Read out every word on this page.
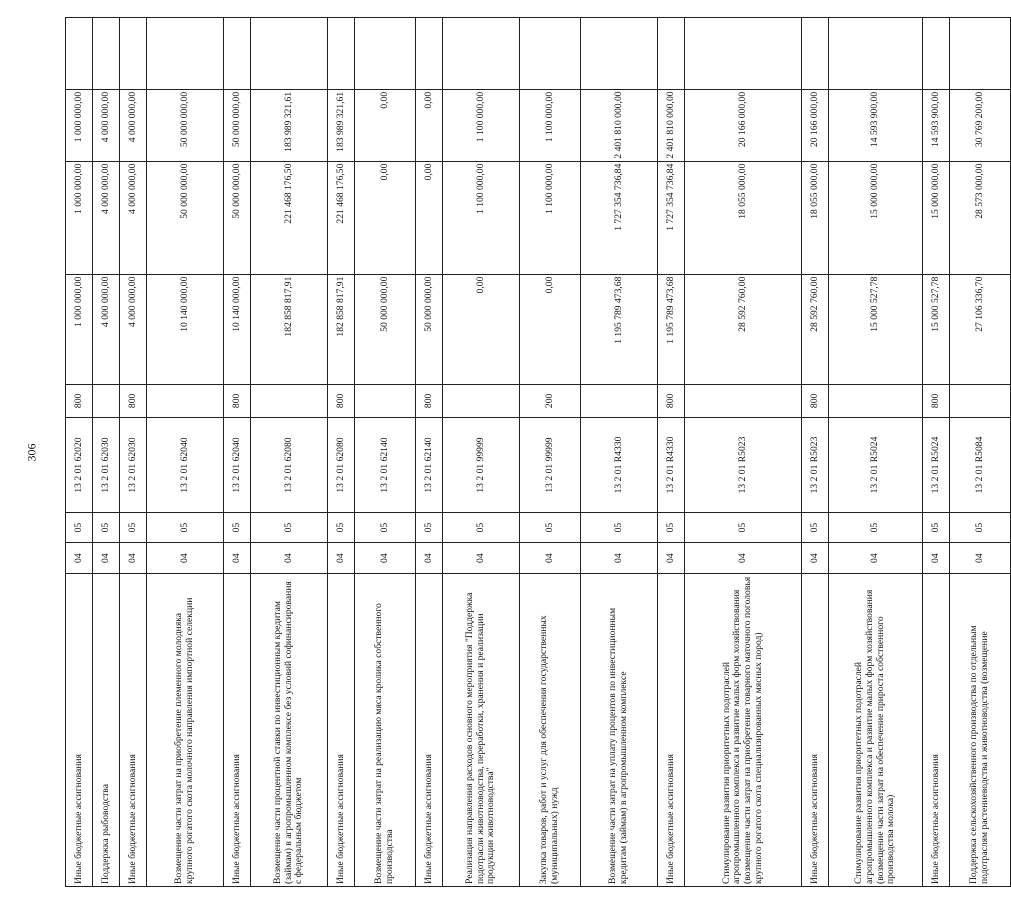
306
Иные бюджетные ассигнования	04	05	13 2 01 62020	800	1 000 000,00	1 000 000,00	1 000 000,00	
Поддержка рыбоводства	04	05	13 2 01 62030		4 000 000,00	4 000 000,00	4 000 000,00	
Иные бюджетные ассигнования	04	05	13 2 01 62030	800	4 000 000,00	4 000 000,00	4 000 000,00	
Возмещение части затрат на приобретение племенного молодняка крупного рогатого скота молочного направления импортной селекции	04	05	13 2 01 62040		10 140 000,00	50 000 000,00	50 000 000,00	
Иные бюджетные ассигнования	04	05	13 2 01 62040	800	10 140 000,00	50 000 000,00	50 000 000,00	
Возмещение части процентной ставки по инвестиционным кредитам (займам) в агропромышленном комплексе без условий софинансирования с федеральным бюджетом	04	05	13 2 01 62080		182 858 817,91	221 468 176,50	183 989 321,61	
Иные бюджетные ассигнования	04	05	13 2 01 62080	800	182 858 817,91	221 468 176,50	183 989 321,61	
Возмещение части затрат на реализацию мяса кролика собственного производства	04	05	13 2 01 62140		50 000 000,00	0,00	0,00	
Иные бюджетные ассигнования	04	05	13 2 01 62140	800	50 000 000,00	0,00	0,00	
Реализация направления расходов основного мероприятия "Поддержка подотрасли животноводства, переработки, хранения и реализации продукции животноводства"	04	05	13 2 01 99999		0,00	1 100 000,00	1 100 000,00	
Закупка товаров, работ и услуг для обеспечения государственных (муниципальных) нужд	04	05	13 2 01 99999	200	0,00	1 100 000,00	1 100 000,00	
Возмещение части затрат на уплату процентов по инвестиционным кредитам (займам) в агропромышленном комплексе	04	05	13 2 01 R4330		1 195 789 473,68	1 727 354 736,84	2 401 810 000,00	
Иные бюджетные ассигнования	04	05	13 2 01 R4330	800	1 195 789 473,68	1 727 354 736,84	2 401 810 000,00	
Стимулирование развития приоритетных подотраслей агропромышленного комплекса и развитие малых форм хозяйствования (возмещение части затрат на приобретение товарного маточного поголовья крупного рогатого скота специализированных мясных пород)	04	05	13 2 01 R5023		28 592 760,00	18 055 000,00	20 166 000,00	
Иные бюджетные ассигнования	04	05	13 2 01 R5023	800	28 592 760,00	18 055 000,00	20 166 000,00	
Стимулирование развития приоритетных подотраслей агропромышленного комплекса и развитие малых форм хозяйствования (возмещение части затрат на обеспечение прироста собственного производства молока)	04	05	13 2 01 R5024		15 000 527,78	15 000 000,00	14 593 900,00	
Иные бюджетные ассигнования	04	05	13 2 01 R5024	800	15 000 527,78	15 000 000,00	14 593 900,00	
Поддержка сельскохозяйственного производства по отдельным подотраслям растениеводства и животноводства (возмещение	04	05	13 2 01 R5084		27 106 336,70	28 573 000,00	30 769 200,00	
